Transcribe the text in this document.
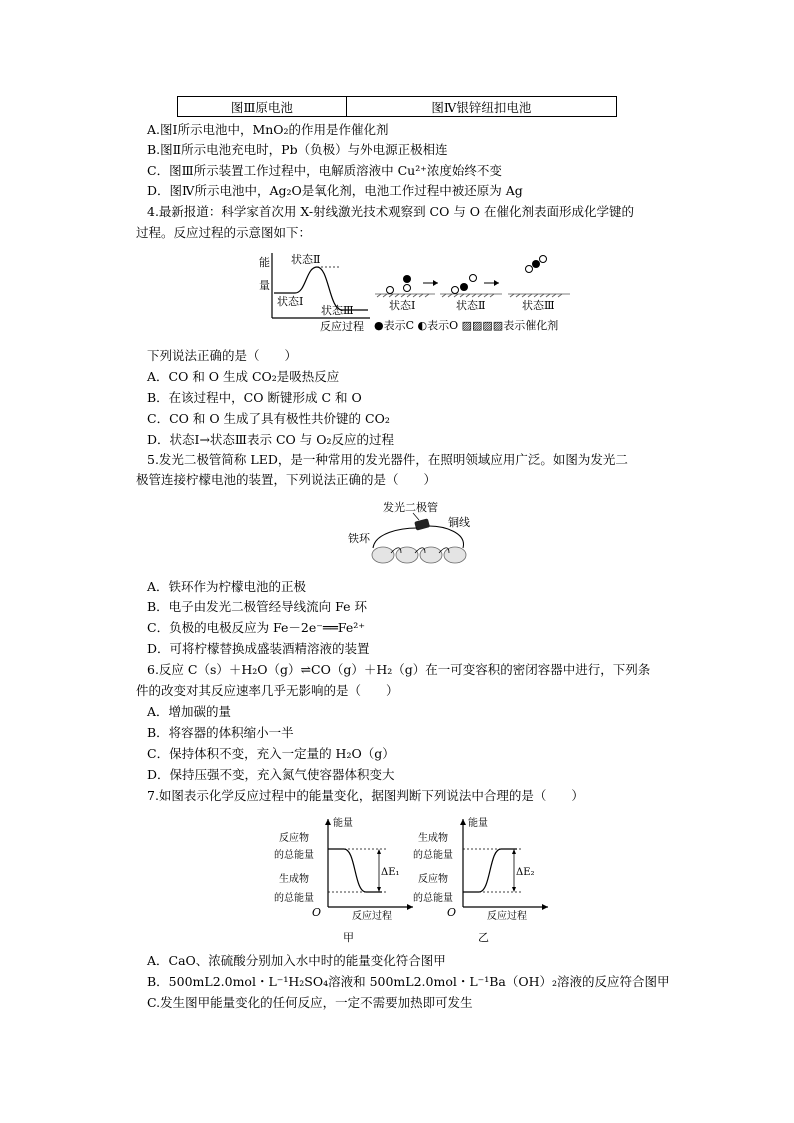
图Ⅲ原电池	图Ⅳ银锌纽扣电池
A.图Ⅰ所示电池中，MnO₂的作用是作催化剂
B.图Ⅱ所示电池充电时，Pb（负极）与外电源正极相连
C．图Ⅲ所示装置工作过程中，电解质溶液中 Cu²⁺浓度始终不变
D．图Ⅳ所示电池中，Ag₂O是氧化剂，电池工作过程中被还原为 Ag
4.最新报道：科学家首次用 X-射线激光技术观察到 CO 与 O 在催化剂表面形成化学键的
过程。反应过程的示意图如下：
能
量
状态Ⅱ
状态Ⅰ
状态Ⅲ
反应过程
状态Ⅰ	状态Ⅱ	状态Ⅲ
●表示C ◐表示O ▨▨▨▨表示催化剂
下列说法正确的是（　　）
A．CO 和 O 生成 CO₂是吸热反应
B．在该过程中，CO 断键形成 C 和 O
C．CO 和 O 生成了具有极性共价键的 CO₂
D．状态Ⅰ→状态Ⅲ表示 CO 与 O₂反应的过程
5.发光二极管简称 LED，是一种常用的发光器件，在照明领域应用广泛。如图为发光二
极管连接柠檬电池的装置，下列说法正确的是（　　）
发光二极管
铜线
铁环
A．铁环作为柠檬电池的正极
B．电子由发光二极管经导线流向 Fe 环
C．负极的电极反应为 Fe－2e⁻══Fe²⁺
D．可将柠檬替换成盛装酒精溶液的装置
6.反应 C（s）＋H₂O（g）⇌CO（g）＋H₂（g）在一可变容积的密闭容器中进行，下列条
件的改变对其反应速率几乎无影响的是（　　）
A．增加碳的量
B．将容器的体积缩小一半
C．保持体积不变，充入一定量的 H₂O（g）
D．保持压强不变，充入氮气使容器体积变大
7.如图表示化学反应过程中的能量变化，据图判断下列说法中合理的是（　　）
能量
反应物
的总能量
生成物
的总能量
ΔE₁
O	反应过程
甲
能量
生成物
的总能量
反应物
的总能量
ΔE₂
O	反应过程
乙
A．CaO、浓硫酸分别加入水中时的能量变化符合图甲
B．500mL2.0mol・L⁻¹H₂SO₄溶液和 500mL2.0mol・L⁻¹Ba（OH）₂溶液的反应符合图甲
C.发生图甲能量变化的任何反应，一定不需要加热即可发生
